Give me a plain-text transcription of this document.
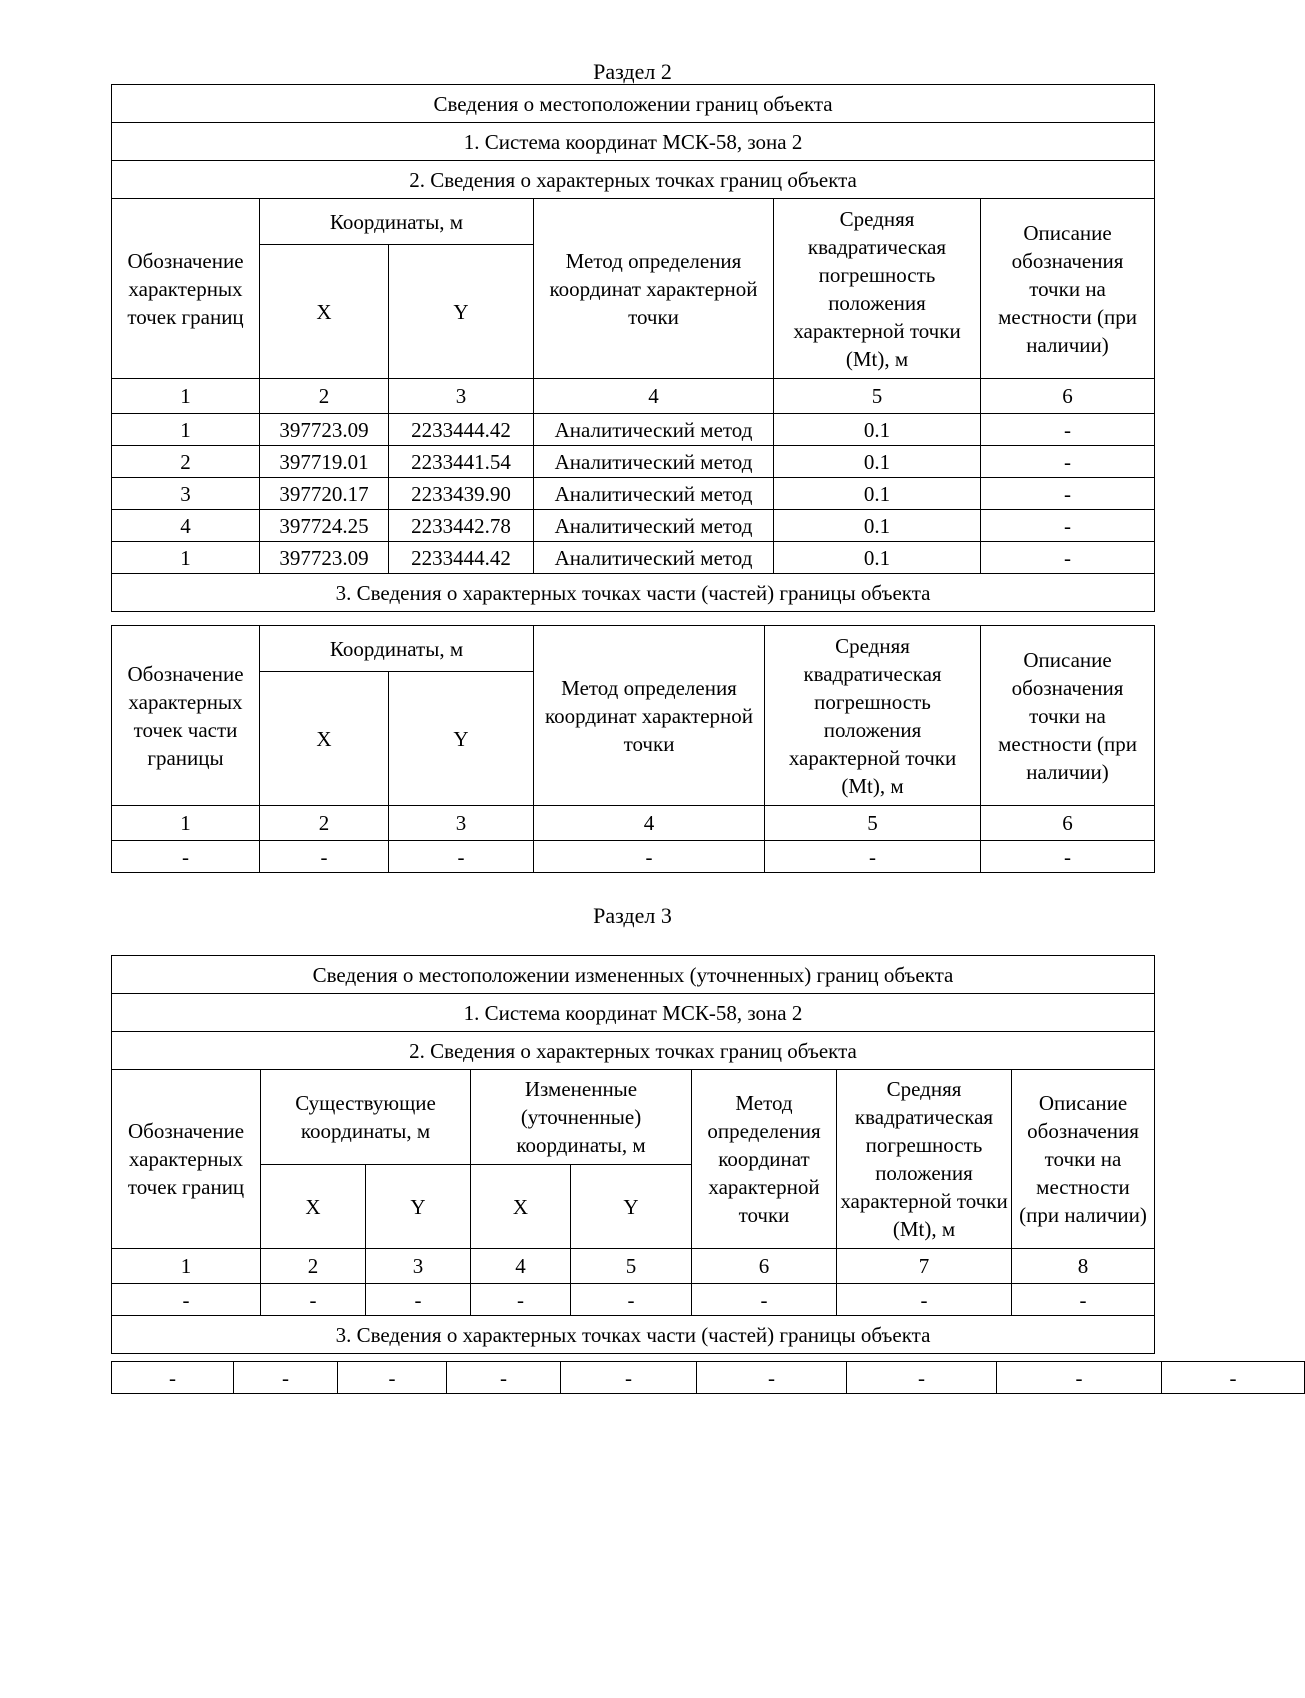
Раздел 2
Сведения о местоположении границ объекта					
1. Система координат МСК-58, зона 2					
2. Сведения о характерных точках границ объекта					
Обозначение характерных точек границ	Координаты, м		Метод определения координат характерной точки	Средняя квадратическая погрешность положения характерной точки (Mt), м	Описание обозначения точки на местности (при наличии)
	X	Y			
1	2	3	4	5	6
1	397723.09	2233444.42	Аналитический метод	0.1	-
2	397719.01	2233441.54	Аналитический метод	0.1	-
3	397720.17	2233439.90	Аналитический метод	0.1	-
4	397724.25	2233442.78	Аналитический метод	0.1	-
1	397723.09	2233444.42	Аналитический метод	0.1	-
3. Сведения о характерных точках части (частей) границы объекта					
Обозначение характерных точек части границы	Координаты, м		Метод определения координат характерной точки	Средняя квадратическая погрешность положения характерной точки (Mt), м	Описание обозначения точки на местности (при наличии)
	X	Y			
1	2	3	4	5	6
-	-	-	-	-	-
Раздел 3
Сведения о местоположении измененных (уточненных) границ объекта							
1. Система координат МСК-58, зона 2							
2. Сведения о характерных точках границ объекта							
Обозначение характерных точек границ	Существующие координаты, м		Измененные (уточненные) координаты, м		Метод определения координат характерной точки	Средняя квадратическая погрешность положения характерной точки (Mt), м	Описание обозначения точки на местности (при наличии)
	X	Y	X	Y			
1	2	3	4	5	6	7	8
-	-	-	-	-	-	-	-
3. Сведения о характерных точках части (частей) границы объекта							
-	-	-	-	-	-	-	-	-
